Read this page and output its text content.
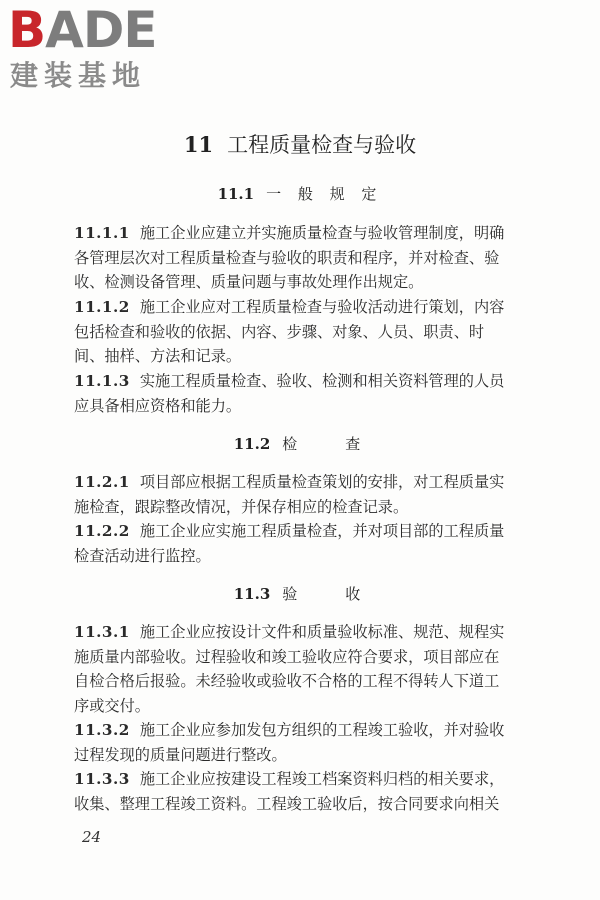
BADE
建装基地
11 工程质量检查与验收
11.1 一 般 规 定
11.1.1 施工企业应建立并实施质量检查与验收管理制度，明确
各管理层次对工程质量检查与验收的职责和程序，并对检查、验
收、检测设备管理、质量问题与事故处理作出规定。
11.1.2 施工企业应对工程质量检查与验收活动进行策划，内容
包括检查和验收的依据、内容、步骤、对象、人员、职责、时
间、抽样、方法和记录。
11.1.3 实施工程质量检查、验收、检测和相关资料管理的人员
应具备相应资格和能力。
11.2 检　　查
11.2.1 项目部应根据工程质量检查策划的安排，对工程质量实
施检查，跟踪整改情况，并保存相应的检查记录。
11.2.2 施工企业应实施工程质量检查，并对项目部的工程质量
检查活动进行监控。
11.3 验　　收
11.3.1 施工企业应按设计文件和质量验收标准、规范、规程实
施质量内部验收。过程验收和竣工验收应符合要求，项目部应在
自检合格后报验。未经验收或验收不合格的工程不得转人下道工
序或交付。
11.3.2 施工企业应参加发包方组织的工程竣工验收，并对验收
过程发现的质量问题进行整改。
11.3.3 施工企业应按建设工程竣工档案资料归档的相关要求，
收集、整理工程竣工资料。工程竣工验收后，按合同要求向相关
24
